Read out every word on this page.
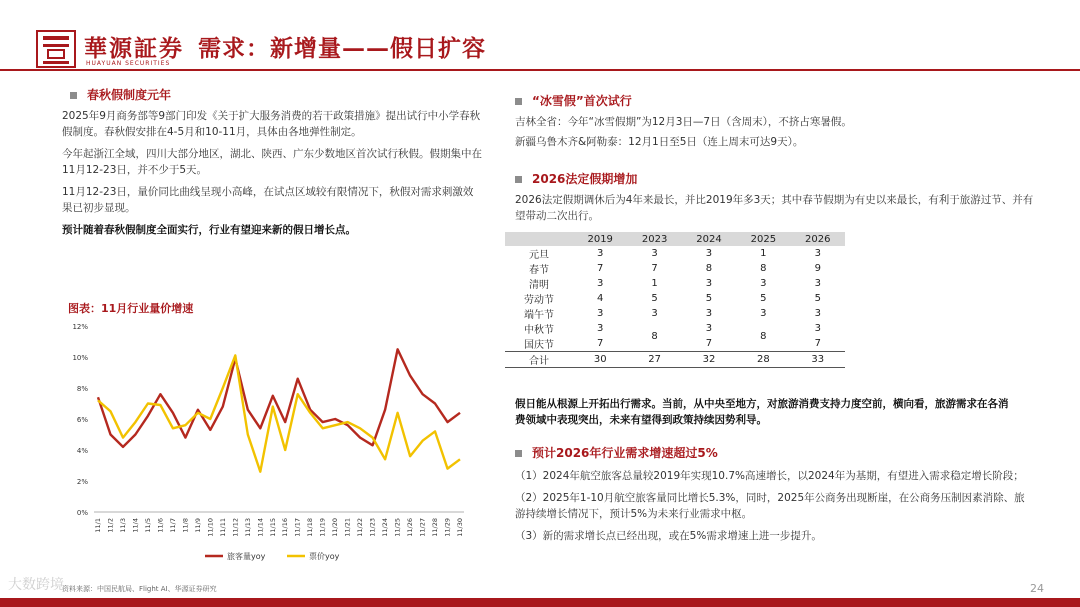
華源証券
HUAYUAN SECURITIES
需求：新增量——假日扩容
春秋假制度元年

2025年9月商务部等9部门印发《关于扩大服务消费的若干政策措施》提出试行中小学春秋假制度。春秋假安排在4-5月和10-11月，具体由各地弹性制定。

今年起浙江全域，四川大部分地区，湖北、陕西、广东少数地区首次试行秋假。假期集中在11月12-23日，并不少于5天。

11月12-23日，量价同比曲线呈现小高峰，在试点区域较有限情况下，秋假对需求刺激效果已初步显现。

预计随着春秋假制度全面实行，行业有望迎来新的假日增长点。

图表：11月行业量价增速
0%
2%
4%
6%
8%
10%
12%
11/1 11/2 11/3 11/4 11/5 11/6 11/7 11/8 11/9 11/10 11/11 11/12 11/13 11/14 11/15 11/16 11/17 11/18 11/19 11/20 11/21 11/22 11/23 11/24 11/25 11/26 11/27 11/28 11/29 11/30
旅客量yoy	票价yoy
资料来源：中国民航局、Flight AI、华源证券研究
大数跨境
“冰雪假”首次试行

吉林全省：今年“冰雪假期”为12月3日—7日（含周末），不挤占寒暑假。

新疆乌鲁木齐&阿勒泰：12月1日至5日（连上周末可达9天）。

2026法定假期增加
2026法定假期调休后为4年来最长，并比2019年多3天；其中春节假期为有史以来最长，有利于旅游过节、并有望带动二次出行。
	2019	2023	2024	2025	2026
元旦	3	3	3	1	3
春节	7	7	8	8	9
清明	3	1	3	3	3
劳动节	4	5	5	5	5
端午节	3	3	3	3	3
中秋节	3	8	3	8	3
国庆节	7		7		7
合计	30	27	32	28	33
假日能从根源上开拓出行需求。当前，从中央至地方，对旅游消费支持力度空前，横向看，旅游需求在各消费领域中表现突出，未来有望得到政策持续因势利导。
预计2026年行业需求增速超过5%

（1）2024年航空旅客总量较2019年实现10.7%高速增长，以2024年为基期，有望进入需求稳定增长阶段；

（2）2025年1-10月航空旅客量同比增长5.3%，同时，2025年公商务出现断崖，在公商务压制因素消除、旅游持续增长情况下，预计5%为未来行业需求中枢。

（3）新的需求增长点已经出现，或在5%需求增速上进一步提升。

24
